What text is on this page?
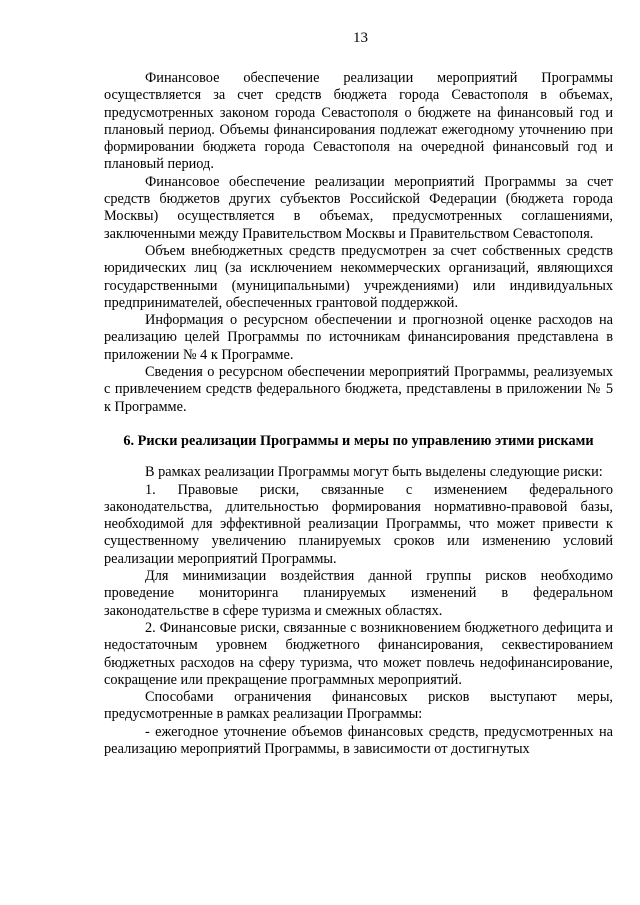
13

Финансовое обеспечение реализации мероприятий Программы осуществляется за счет средств бюджета города Севастополя в объемах, предусмотренных законом города Севастополя о бюджете на финансовый год и плановый период. Объемы финансирования подлежат ежегодному уточнению при формировании бюджета города Севастополя на очередной финансовый год и плановый период.

Финансовое обеспечение реализации мероприятий Программы за счет средств бюджетов других субъектов Российской Федерации (бюджета города Москвы) осуществляется в объемах, предусмотренных соглашениями, заключенными между Правительством Москвы и Правительством Севастополя.

Объем внебюджетных средств предусмотрен за счет собственных средств юридических лиц (за исключением некоммерческих организаций, являющихся государственными (муниципальными) учреждениями) или индивидуальных предпринимателей, обеспеченных грантовой поддержкой.

Информация о ресурсном обеспечении и прогнозной оценке расходов на реализацию целей Программы по источникам финансирования представлена в приложении № 4 к Программе.

Сведения о ресурсном обеспечении мероприятий Программы, реализуемых с привлечением средств федерального бюджета, представлены в приложении № 5 к Программе.

6. Риски реализации Программы и меры по управлению этими рисками

В рамках реализации Программы могут быть выделены следующие риски:

1. Правовые риски, связанные с изменением федерального законодательства, длительностью формирования нормативно-правовой базы, необходимой для эффективной реализации Программы, что может привести к существенному увеличению планируемых сроков или изменению условий реализации мероприятий Программы.

Для минимизации воздействия данной группы рисков необходимо проведение мониторинга планируемых изменений в федеральном законодательстве в сфере туризма и смежных областях.

2. Финансовые риски, связанные с возникновением бюджетного дефицита и недостаточным уровнем бюджетного финансирования, секвестированием бюджетных расходов на сферу туризма, что может повлечь недофинансирование, сокращение или прекращение программных мероприятий.

Способами ограничения финансовых рисков выступают меры, предусмотренные в рамках реализации Программы:

- ежегодное уточнение объемов финансовых средств, предусмотренных на реализацию мероприятий Программы, в зависимости от достигнутых
